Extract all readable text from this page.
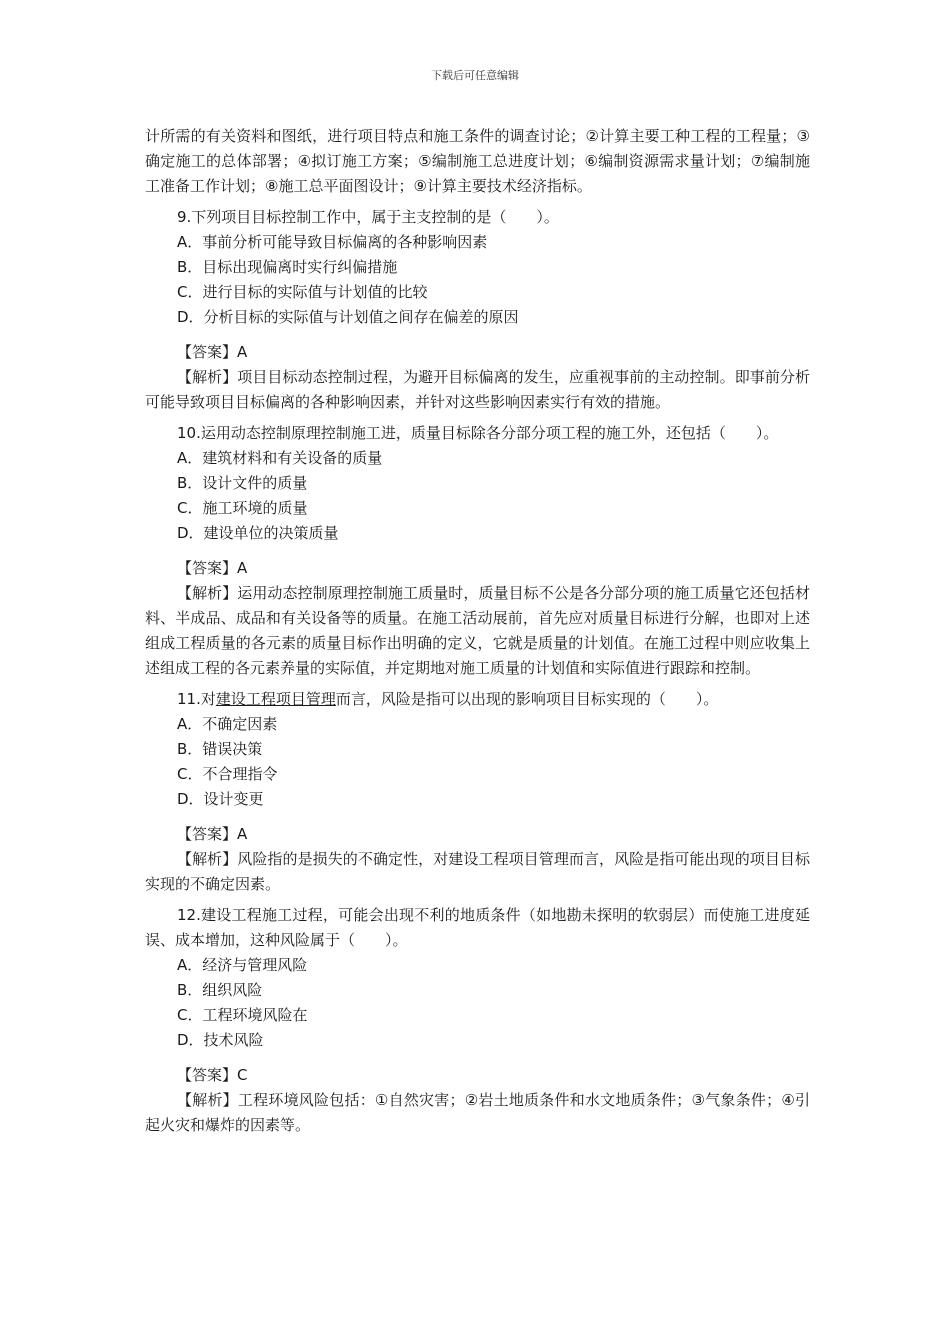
下载后可任意编辑

计所需的有关资料和图纸，进行项目特点和施工条件的调查讨论；②计算主要工种工程的工程量；③确定施工的总体部署；④拟订施工方案；⑤编制施工总进度计划；⑥编制资源需求量计划；⑦编制施工准备工作计划；⑧施工总平面图设计；⑨计算主要技术经济指标。

9.下列项目目标控制工作中，属于主支控制的是（　　）。

A．事前分析可能导致目标偏离的各种影响因素
B．目标出现偏离时实行纠偏措施
C．进行目标的实际值与计划值的比较
D．分析目标的实际值与计划值之间存在偏差的原因
【答案】A

【解析】项目目标动态控制过程，为避开目标偏离的发生，应重视事前的主动控制。即事前分析可能导致项目目标偏离的各种影响因素，并针对这些影响因素实行有效的措施。

10.运用动态控制原理控制施工进，质量目标除各分部分项工程的施工外，还包括（　　）。

A．建筑材料和有关设备的质量
B．设计文件的质量
C．施工环境的质量
D．建设单位的决策质量
【答案】A

【解析】运用动态控制原理控制施工质量时，质量目标不公是各分部分项的施工质量它还包括材料、半成品、成品和有关设备等的质量。在施工活动展前，首先应对质量目标进行分解，也即对上述组成工程质量的各元素的质量目标作出明确的定义，它就是质量的计划值。在施工过程中则应收集上述组成工程的各元素养量的实际值，并定期地对施工质量的计划值和实际值进行跟踪和控制。

11.对建设工程项目管理而言，风险是指可以出现的影响项目目标实现的（　　）。

A．不确定因素
B．错误决策
C．不合理指令
D．设计变更
【答案】A

【解析】风险指的是损失的不确定性，对建设工程项目管理而言，风险是指可能出现的项目目标实现的不确定因素。

12.建设工程施工过程，可能会出现不利的地质条件（如地勘未探明的软弱层）而使施工进度延误、成本增加，这种风险属于（　　）。

A．经济与管理风险
B．组织风险
C．工程环境风险在
D．技术风险
【答案】C

【解析】工程环境风险包括：①自然灾害；②岩土地质条件和水文地质条件；③气象条件；④引起火灾和爆炸的因素等。
